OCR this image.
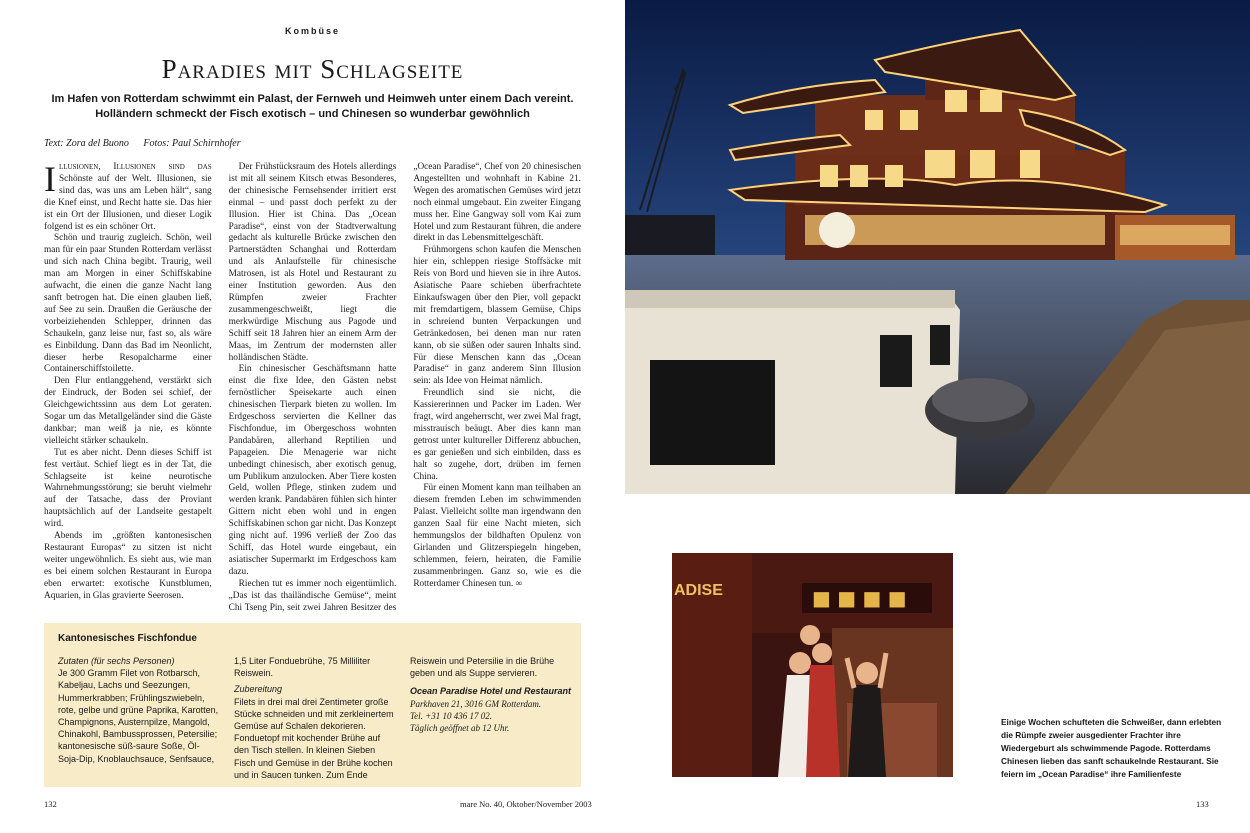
Kombüse
Paradies mit Schlagseite
Im Hafen von Rotterdam schwimmt ein Palast, der Fernweh und Heimweh unter einem Dach vereint. Holländern schmeckt der Fisch exotisch – und Chinesen so wunderbar gewöhnlich
Text: Zora del Buono Fotos: Paul Schirnhofer

Illusionen, Illusionen sind das Schönste auf der Welt. Illusionen, sie sind das, was uns am Leben hält“, sang die Knef einst, und Recht hatte sie. Das hier ist ein Ort der Illusionen, und dieser Logik folgend ist es ein schöner Ort.

Schön und traurig zugleich. Schön, weil man für ein paar Stunden Rotterdam verlässt und sich nach China begibt. Traurig, weil man am Morgen in einer Schiffskabine aufwacht, die einen die ganze Nacht lang sanft betrogen hat. Die einen glauben ließ, auf See zu sein. Draußen die Geräusche der vorbeiziehenden Schlepper, drinnen das Schaukeln, ganz leise nur, fast so, als wäre es Einbildung. Dann das Bad im Neonlicht, dieser herbe Resopalcharme einer Containerschiffstoilette.

Den Flur entlanggehend, verstärkt sich der Eindruck, der Boden sei schief, der Gleichgewichtssinn aus dem Lot geraten. Sogar um das Metallgeländer sind die Gäste dankbar; man weiß ja nie, es könnte vielleicht stärker schaukeln.

Tut es aber nicht. Denn dieses Schiff ist fest vertäut. Schief liegt es in der Tat, die Schlagseite ist keine neurotische Wahrnehmungsstörung; sie beruht vielmehr auf der Tatsache, dass der Proviant hauptsächlich auf der Landseite gestapelt wird.

Abends im „größten kantonesischen Restaurant Europas“ zu sitzen ist nicht weiter ungewöhnlich. Es sieht aus, wie man es bei einem solchen Restaurant in Europa eben erwartet: exotische Kunstblumen, Aquarien, in Glas gravierte Seerosen.

Der Frühstücksraum des Hotels allerdings ist mit all seinem Kitsch etwas Besonderes, der chinesische Fernsehsender irritiert erst einmal – und passt doch perfekt zu der Illusion. Hier ist China. Das „Ocean Paradise“, einst von der Stadtverwaltung gedacht als kulturelle Brücke zwischen den Partnerstädten Schanghai und Rotterdam und als Anlaufstelle für chinesische Matrosen, ist als Hotel und Restaurant zu einer Institution geworden. Aus den Rümpfen zweier Frachter zusammengeschweißt, liegt die merkwürdige Mischung aus Pagode und Schiff seit 18 Jahren hier an einem Arm der Maas, im Zentrum der modernsten aller holländischen Städte.

Ein chinesischer Geschäftsmann hatte einst die fixe Idee, den Gästen nebst fernöstlicher Speisekarte auch einen chinesischen Tierpark bieten zu wollen. Im Erdgeschoss servierten die Kellner das Fischfondue, im Obergeschoss wohnten Pandabären, allerhand Reptilien und Papageien. Die Menagerie war nicht unbedingt chinesisch, aber exotisch genug, um Publikum anzulocken. Aber Tiere kosten Geld, wollen Pflege, stinken zudem und werden krank. Pandabären fühlen sich hinter Gittern nicht eben wohl und in engen Schiffskabinen schon gar nicht. Das Konzept ging nicht auf. 1996 verließ der Zoo das Schiff, das Hotel wurde eingebaut, ein asiatischer Supermarkt im Erdgeschoss kam dazu.

Riechen tut es immer noch eigentümlich. „Das ist das thailändische Gemüse“, meint Chi Tseng Pin, seit zwei Jahren Besitzer des „Ocean Paradise“, Chef von 20 chinesischen Angestellten und wohnhaft in Kabine 21. Wegen des aromatischen Gemüses wird jetzt noch einmal umgebaut. Ein zweiter Eingang muss her. Eine Gangway soll vom Kai zum Hotel und zum Restaurant führen, die andere direkt in das Lebensmittelgeschäft.

Frühmorgens schon kaufen die Menschen hier ein, schleppen riesige Stoffsäcke mit Reis von Bord und hieven sie in ihre Autos. Asiatische Paare schieben überfrachtete Einkaufswagen über den Pier, voll gepackt mit fremdartigem, blassem Gemüse, Chips in schreiend bunten Verpackungen und Getränkedosen, bei denen man nur raten kann, ob sie süßen oder sauren Inhalts sind. Für diese Menschen kann das „Ocean Paradise“ in ganz anderem Sinn Illusion sein: als Idee von Heimat nämlich.

Freundlich sind sie nicht, die Kassiererinnen und Packer im Laden. Wer fragt, wird angeherrscht, wer zwei Mal fragt, misstrauisch beäugt. Aber dies kann man getrost unter kultureller Differenz abbuchen, es gar genießen und sich einbilden, dass es halt so zugehe, dort, drüben im fernen China.

Für einen Moment kann man teilhaben an diesem fremden Leben im schwimmenden Palast. Vielleicht sollte man irgendwann den ganzen Saal für eine Nacht mieten, sich hemmungslos der bildhaften Opulenz von Girlanden und Glitzerspiegeln hingeben, schlemmen, feiern, heiraten, die Familie zusammenbringen. Ganz so, wie es die Rotterdamer Chinesen tun. ∞

Kantonesisches Fischfondue

Zutaten (für sechs Personen)

Je 300 Gramm Filet von Rotbarsch, Kabeljau, Lachs und Seezungen, Hummerkrabben; Frühlingszwiebeln, rote, gelbe und grüne Paprika, Karotten, Champignons, Austernpilze, Mangold, Chinakohl, Bambussprossen, Petersilie; kantonesische süß-saure Soße, Öl-Soja-Dip, Knoblauchsauce, Senfsauce, 1,5 Liter Fonduebrühe, 75 Milliliter Reiswein.

Zubereitung

Filets in drei mal drei Zentimeter große Stücke schneiden und mit zerkleinertem Gemüse auf Schalen dekorieren. Fonduetopf mit kochender Brühe auf den Tisch stellen. In kleinen Sieben Fisch und Gemüse in der Brühe kochen und in Saucen tunken. Zum Ende Reiswein und Petersilie in die Brühe geben und als Suppe servieren.

Ocean Paradise Hotel und Restaurant

Parkhaven 21, 3016 GM Rotterdam.

Tel. +31 10 436 17 02.

Täglich geöffnet ab 12 Uhr.

132	mare No. 40, Oktober/November 2003
■ ■ ■ ■
ADISE
Einige Wochen schufteten die Schweißer, dann erlebten die Rümpfe zweier ausgedienter Frachter ihre Wiedergeburt als schwimmende Pagode. Rotterdams Chinesen lieben das sanft schaukelnde Restaurant. Sie feiern im „Ocean Paradise“ ihre Familienfeste
133
